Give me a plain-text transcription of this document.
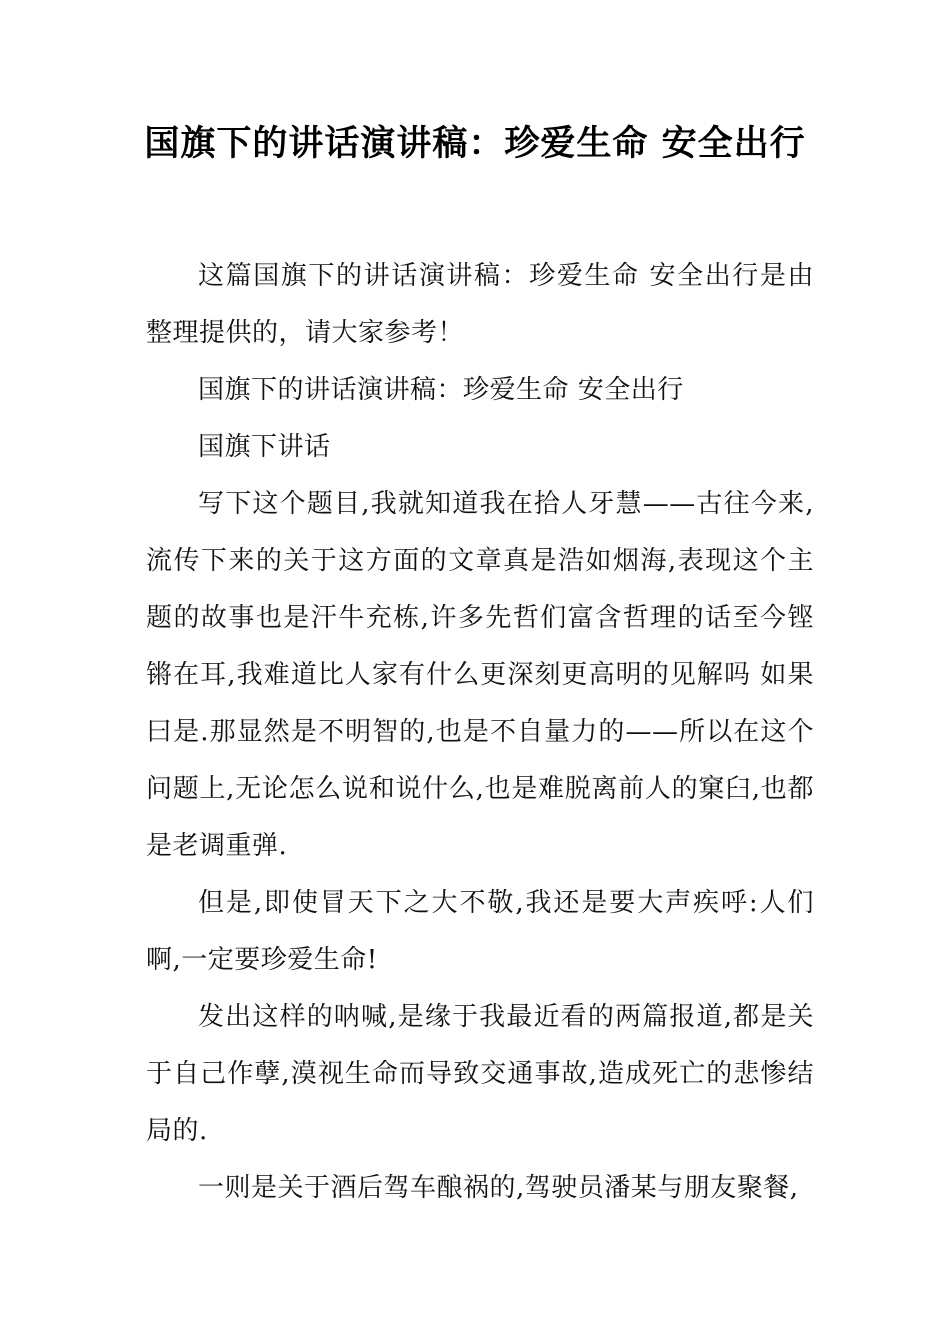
国旗下的讲话演讲稿：珍爱生命 安全出行

这篇国旗下的讲话演讲稿：珍爱生命 安全出行是由整理提供的，请大家参考！

国旗下的讲话演讲稿：珍爱生命 安全出行

国旗下讲话

写下这个题目,我就知道我在拾人牙慧——古往今来,流传下来的关于这方面的文章真是浩如烟海,表现这个主题的故事也是汗牛充栋,许多先哲们富含哲理的话至今铿锵在耳,我难道比人家有什么更深刻更高明的见解吗 如果曰是.那显然是不明智的,也是不自量力的——所以在这个问题上,无论怎么说和说什么,也是难脱离前人的窠臼,也都是老调重弹.

但是,即使冒天下之大不敬,我还是要大声疾呼:人们啊,一定要珍爱生命!

发出这样的呐喊,是缘于我最近看的两篇报道,都是关于自己作孽,漠视生命而导致交通事故,造成死亡的悲惨结局的.

一则是关于酒后驾车酿祸的,驾驶员潘某与朋友聚餐,
